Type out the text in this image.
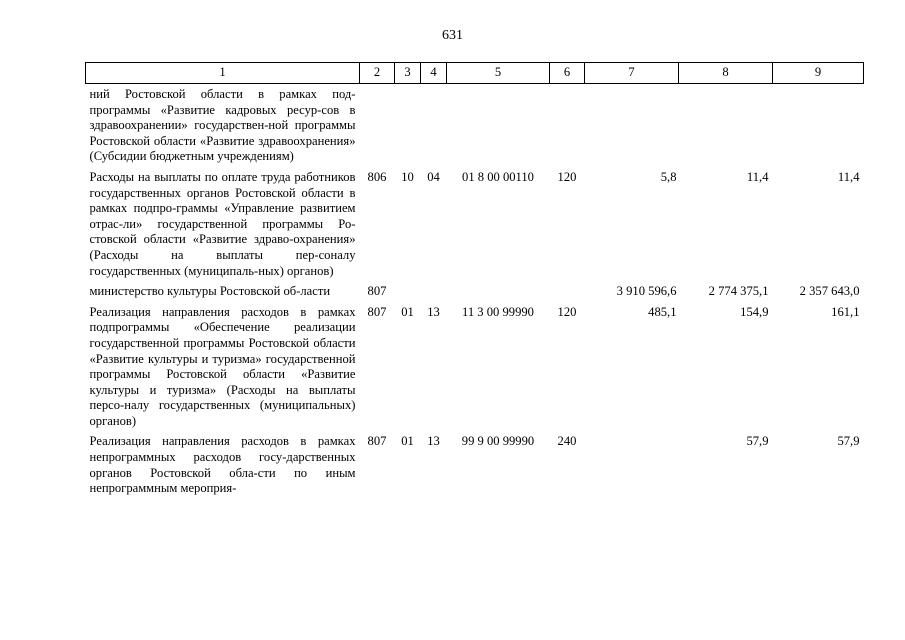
631
1	2	3	4	5	6	7	8	9
ний Ростовской области в рамках под-программы «Развитие кадровых ресур-сов в здравоохранении» государствен-ной программы Ростовской области «Развитие здравоохранения» (Субсидии бюджетным учреждениям)								
Расходы на выплаты по оплате труда работников государственных органов Ростовской области в рамках подпро-граммы «Управление развитием отрас-ли» государственной программы Ро-стовской области «Развитие здраво-охранения» (Расходы на выплаты пер-соналу государственных (муниципаль-ных) органов)	806	10	04	01 8 00 00110	120	5,8	11,4	11,4
министерство культуры Ростовской об-ласти	807					3 910 596,6	2 774 375,1	2 357 643,0
Реализация направления расходов в рамках подпрограммы «Обеспечение реализации государственной программы Ростовской области «Развитие культуры и туризма» государственной программы Ростовской области «Развитие культуры и туризма» (Расходы на выплаты персо-налу государственных (муниципальных) органов)	807	01	13	11 3 00 99990	120	485,1	154,9	161,1
Реализация направления расходов в рамках непрограммных расходов госу-дарственных органов Ростовской обла-сти по иным непрограммным мероприя-	807	01	13	99 9 00 99990	240		57,9	57,9
